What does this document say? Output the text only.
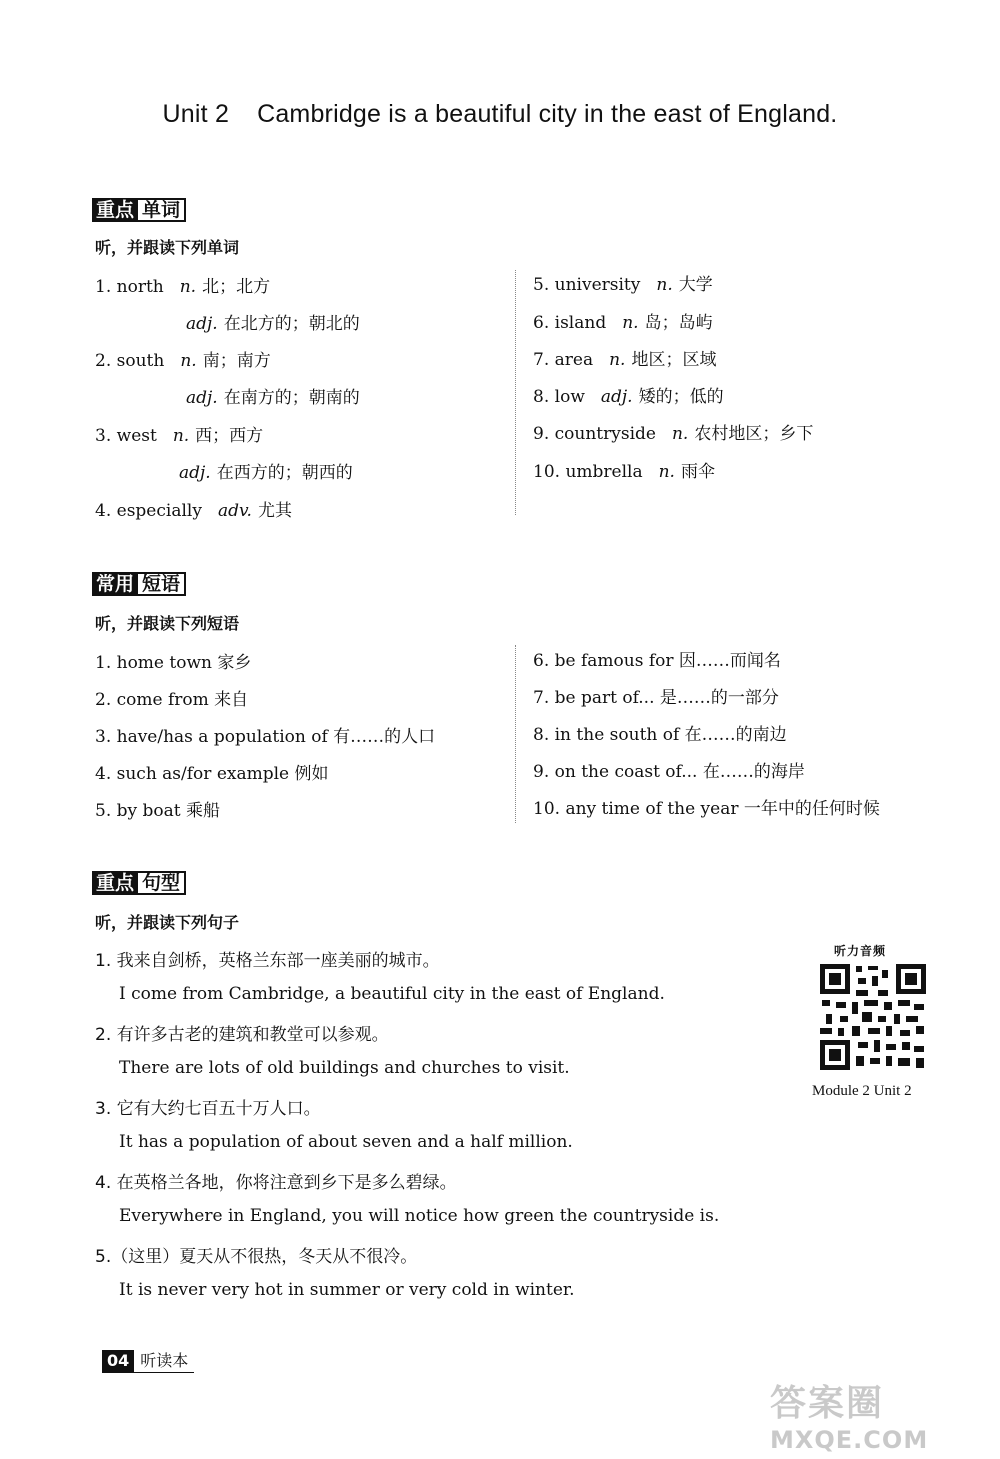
Unit 2 Cambridge is a beautiful city in the east of England.
重点 单词
听，并跟读下列单词
1. north n. 北；北方
adj. 在北方的；朝北的
2. south n. 南；南方
adj. 在南方的；朝南的
3. west n. 西；西方
adj. 在西方的；朝西的
4. especially adv. 尤其
5. university n. 大学
6. island n. 岛；岛屿
7. area n. 地区；区域
8. low adj. 矮的；低的
9. countryside n. 农村地区；乡下
10. umbrella n. 雨伞
常用 短语
听，并跟读下列短语
1. home town 家乡
2. come from 来自
3. have/has a population of 有……的人口
4. such as/for example 例如
5. by boat 乘船
6. be famous for 因……而闻名
7. be part of... 是……的一部分
8. in the south of 在……的南边
9. on the coast of... 在……的海岸
10. any time of the year 一年中的任何时候
重点 句型
听，并跟读下列句子
1. 我来自剑桥，英格兰东部一座美丽的城市。
I come from Cambridge, a beautiful city in the east of England.
2. 有许多古老的建筑和教堂可以参观。
There are lots of old buildings and churches to visit.
3. 它有大约七百五十万人口。
It has a population of about seven and a half million.
4. 在英格兰各地，你将注意到乡下是多么碧绿。
Everywhere in England, you will notice how green the countryside is.
5.（这里）夏天从不很热，冬天从不很冷。
It is never very hot in summer or very cold in winter.
听力音频
Module 2 Unit 2
04 听读本
答案圈
MXQE.COM
